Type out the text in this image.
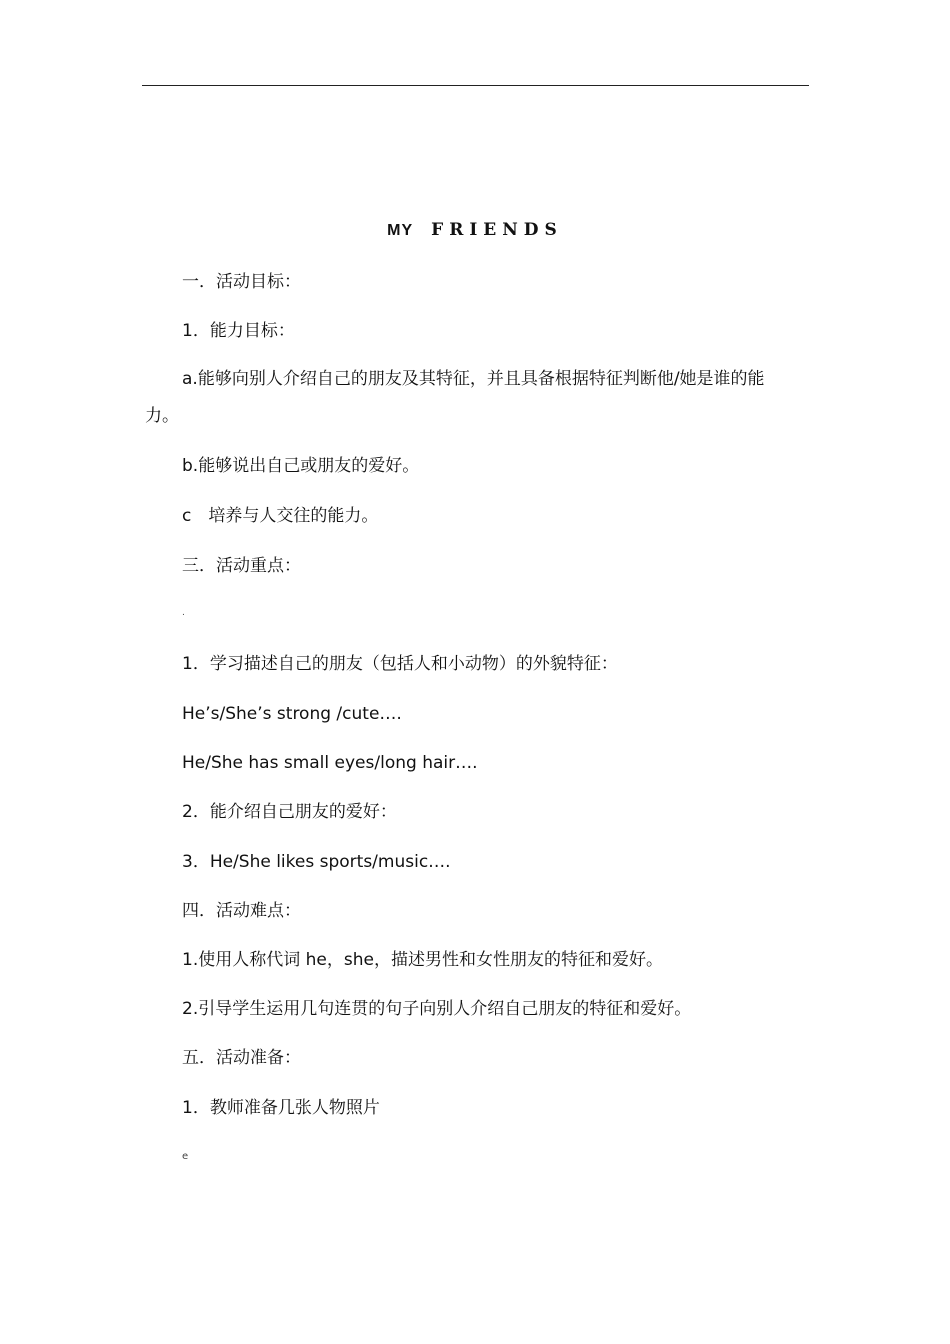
MY FRIENDS
一．活动目标：
1．能力目标：
a.能够向别人介绍自己的朋友及其特征，并且具备根据特征判断他/她是谁的能力。
b.能够说出自己或朋友的爱好。
c　培养与人交往的能力。
三．活动重点：
.
1．学习描述自己的朋友（包括人和小动物）的外貌特征：
He’s/She’s strong /cute….
He/She has small eyes/long hair….
2．能介绍自己朋友的爱好：
3．He/She likes sports/music….
四．活动难点：
1.使用人称代词 he，she，描述男性和女性朋友的特征和爱好。
2.引导学生运用几句连贯的句子向别人介绍自己朋友的特征和爱好。
五．活动准备：
1．教师准备几张人物照片
e
